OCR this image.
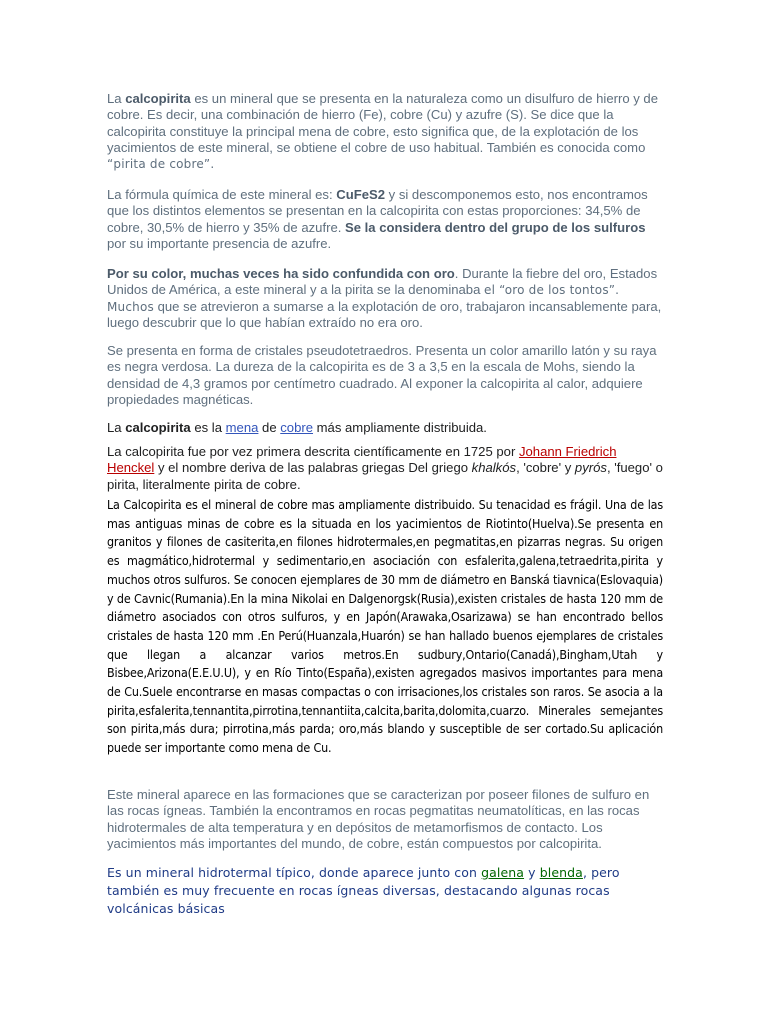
La calcopirita es un mineral que se presenta en la naturaleza como un disulfuro de hierro y de cobre. Es decir, una combinación de hierro (Fe), cobre (Cu) y azufre (S). Se dice que la calcopirita constituye la principal mena de cobre, esto significa que, de la explotación de los yacimientos de este mineral, se obtiene el cobre de uso habitual. También es conocida como “pirita de cobre”.

La fórmula química de este mineral es: CuFeS2 y si descomponemos esto, nos encontramos que los distintos elementos se presentan en la calcopirita con estas proporciones: 34,5% de cobre, 30,5% de hierro y 35% de azufre. Se la considera dentro del grupo de los sulfuros por su importante presencia de azufre.

Por su color, muchas veces ha sido confundida con oro. Durante la fiebre del oro, Estados Unidos de América, a este mineral y a la pirita se la denominaba el “oro de los tontos”. Muchos que se atrevieron a sumarse a la explotación de oro, trabajaron incansablemente para, luego descubrir que lo que habían extraído no era oro.

Se presenta en forma de cristales pseudotetraedros. Presenta un color amarillo latón y su raya es negra verdosa. La dureza de la calcopirita es de 3 a 3,5 en la escala de Mohs, siendo la densidad de 4,3 gramos por centímetro cuadrado. Al exponer la calcopirita al calor, adquiere propiedades magnéticas.

La calcopirita es la mena de cobre más ampliamente distribuida.

La calcopirita fue por vez primera descrita científicamente en 1725 por Johann Friedrich Henckel y el nombre deriva de las palabras griegas Del griego khalkós, 'cobre' y pyrós, 'fuego' o pirita, literalmente pirita de cobre.

La Calcopirita es el mineral de cobre mas ampliamente distribuido. Su tenacidad es frágil. Una de las mas antiguas minas de cobre es la situada en los yacimientos de Riotinto(Huelva).Se presenta en granitos y filones de casiterita,en filones hidrotermales,en pegmatitas,en pizarras negras. Su origen es magmático,hidrotermal y sedimentario,en asociación con esfalerita,galena,tetraedrita,pirita y muchos otros sulfuros. Se conocen ejemplares de 30 mm de diámetro en Banská tiavnica(Eslovaquia) y de Cavnic(Rumania).En la mina Nikolai en Dalgenorgsk(Rusia),existen cristales de hasta 120 mm de diámetro asociados con otros sulfuros, y en Japón(Arawaka,Osarizawa) se han encontrado bellos cristales de hasta 120 mm .En Perú(Huanzala,Huarón) se han hallado buenos ejemplares de cristales que llegan a alcanzar varios metros.En sudbury,Ontario(Canadá),Bingham,Utah y Bisbee,Arizona(E.E.U.U), y en Río Tinto(España),existen agregados masivos importantes para mena de Cu.Suele encontrarse en masas compactas o con irrisaciones,los cristales son raros. Se asocia a la pirita,esfalerita,tennantita,pirrotina,tennantiita,calcita,barita,dolomita,cuarzo. Minerales semejantes son pirita,más dura; pirrotina,más parda; oro,más blando y susceptible de ser cortado.Su aplicación puede ser importante como mena de Cu.

Este mineral aparece en las formaciones que se caracterizan por poseer filones de sulfuro en las rocas ígneas. También la encontramos en rocas pegmatitas neumatolíticas, en las rocas hidrotermales de alta temperatura y en depósitos de metamorfismos de contacto. Los yacimientos más importantes del mundo, de cobre, están compuestos por calcopirita.

Es un mineral hidrotermal típico, donde aparece junto con galena y blenda, pero también es muy frecuente en rocas ígneas diversas, destacando algunas rocas volcánicas básicas
